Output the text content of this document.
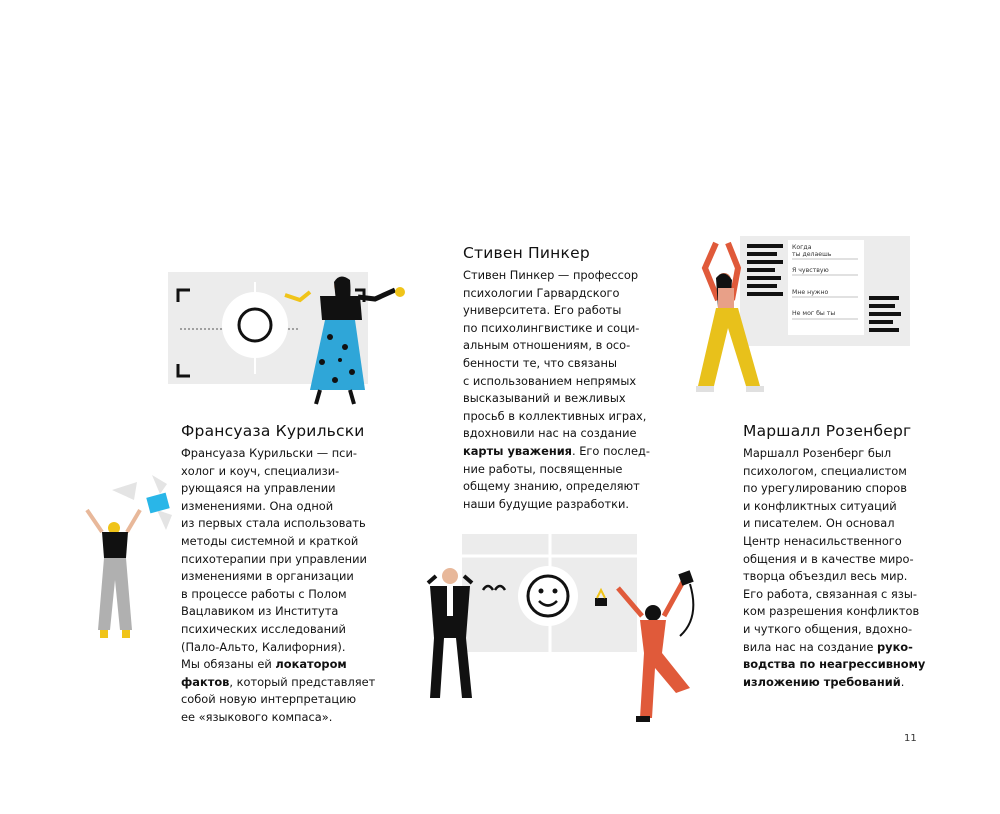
Когда
ты делаешь
Я чувствую
Мне нужно
Не мог бы ты
Франсуаза Курильски

Франсуаза Курильски — пси-
холог и коуч, специализи-
рующаяся на управлении
изменениями. Она одной
из первых стала использовать
методы системной и краткой
психотерапии при управлении
изменениями в организации
в процессе работы с Полом
Вацлавиком из Института
психических исследований
(Пало-Альто, Калифорния).
Мы обязаны ей локатором
фактов, который представляет
собой новую интерпретацию
ее «языкового компаса».

Стивен Пинкер

Стивен Пинкер — профессор
психологии Гарвардского
университета. Его работы
по психолингвистике и соци-
альным отношениям, в осо-
бенности те, что связаны
с использованием непрямых
высказываний и вежливых
просьб в коллективных играх,
вдохновили нас на создание
карты уважения. Его послед-
ние работы, посвященные
общему знанию, определяют
наши будущие разработки.

Маршалл Розенберг

Маршалл Розенберг был
психологом, специалистом
по урегулированию споров
и конфликтных ситуаций
и писателем. Он основал
Центр ненасильственного
общения и в качестве миро-
творца объездил весь мир.
Его работа, связанная с язы-
ком разрешения конфликтов
и чуткого общения, вдохно-
вила нас на создание руко-
водства по неагрессивному
изложению требований.

11
